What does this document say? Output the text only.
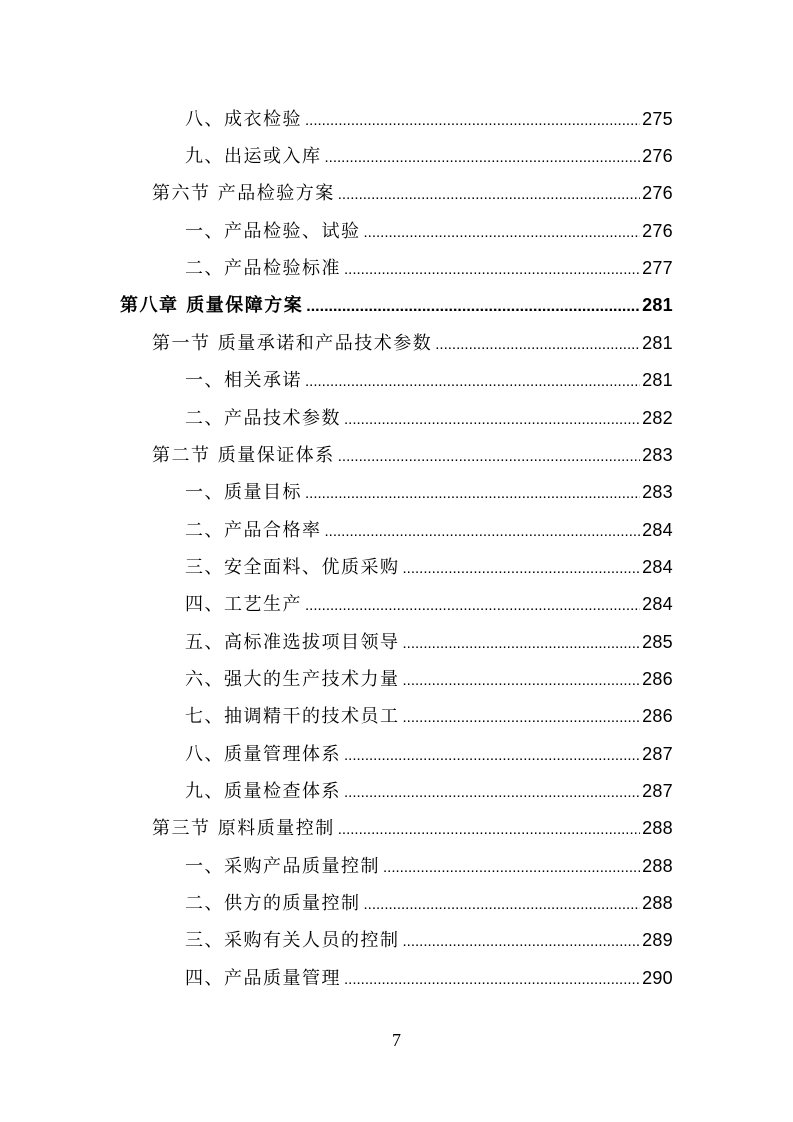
八、成衣检验 .....	275
九、出运或入库 .....	276
第六节 产品检验方案 .....	276
一、产品检验、试验 .....	276
二、产品检验标准 .....	277
第八章 质量保障方案 .....	281
第一节 质量承诺和产品技术参数 .....	281
一、相关承诺 .....	281
二、产品技术参数 .....	282
第二节 质量保证体系 .....	283
一、质量目标 .....	283
二、产品合格率 .....	284
三、安全面料、优质采购 .....	284
四、工艺生产 .....	284
五、高标准选拔项目领导 .....	285
六、强大的生产技术力量 .....	286
七、抽调精干的技术员工 .....	286
八、质量管理体系 .....	287
九、质量检查体系 .....	287
第三节 原料质量控制 .....	288
一、采购产品质量控制 .....	288
二、供方的质量控制 .....	288
三、采购有关人员的控制 .....	289
四、产品质量管理 .....	290
7
